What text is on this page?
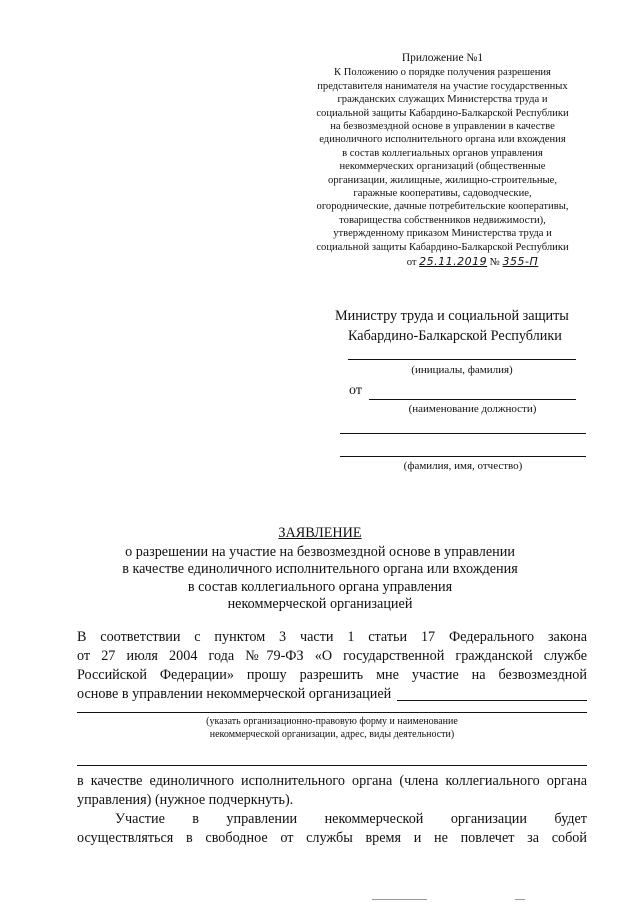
Приложение №1
К Положению о порядке получения разрешения
представителя нанимателя на участие государственных
гражданских служащих Министерства труда и
социальной защиты Кабардино-Балкарской Республики
на безвозмездной основе в управлении в качестве
единоличного исполнительного органа или вхождения
в состав коллегиальных органов управления
некоммерческих организаций (общественные
организации, жилищные, жилищно-строительные,
гаражные кооперативы, садоводческие,
огороднические, дачные потребительские кооперативы,
товарищества собственников недвижимости),
утвержденному приказом Министерства труда и
социальной защиты Кабардино-Балкарской Республики
от 25.11.2019 № 355-П
Министру труда и социальной защиты
Кабардино-Балкарской Республики
(инициалы, фамилия)
от
(наименование должности)
(фамилия, имя, отчество)
ЗАЯВЛЕНИЕ
о разрешении на участие на безвозмездной основе в управлении
в качестве единоличного исполнительного органа или вхождения
в состав коллегиального органа управления
некоммерческой организацией
В соответствии с пунктом 3 части 1 статьи 17 Федерального закона
от 27 июля 2004 года №79-ФЗ «О государственной гражданской службе
Российской Федерации» прошу разрешить мне участие на безвозмездной
основе в управлении некоммерческой организацией
(указать организационно-правовую форму и наименование
некоммерческой организации, адрес, виды деятельности)
в качестве единоличного исполнительного органа (члена коллегиального органа
управления) (нужное подчеркнуть).
Участие в управлении некоммерческой организации будет
осуществляться в свободное от службы время и не повлечет за собой
